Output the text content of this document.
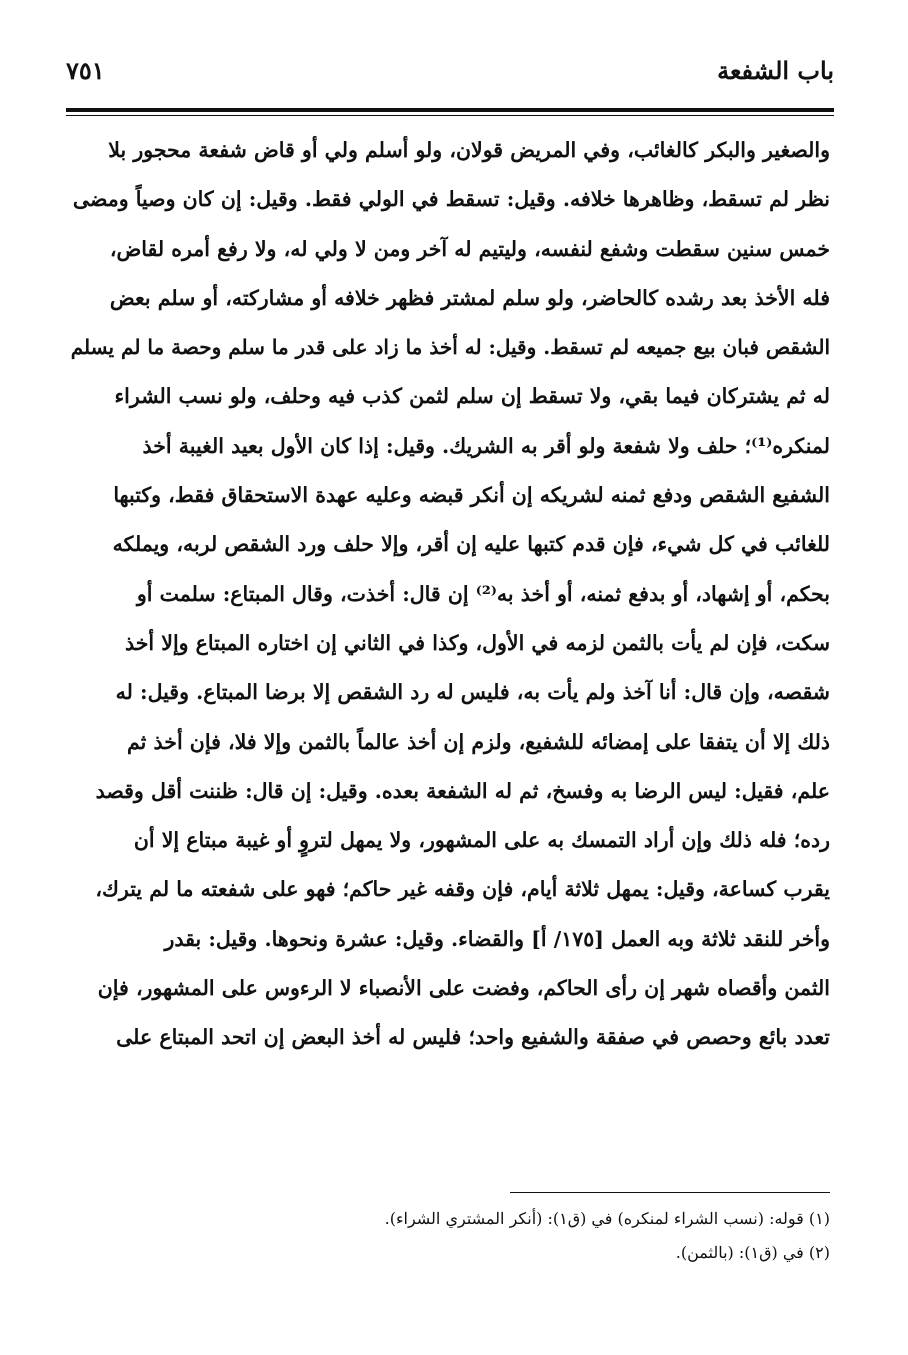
باب الشفعة
٧٥١
والصغير والبكر كالغائب، وفي المريض قولان، ولو أسلم ولي أو قاض شفعة محجور بلا
نظر لم تسقط، وظاهرها خلافه. وقيل: تسقط في الولي فقط. وقيل: إن كان وصياً ومضى
خمس سنين سقطت وشفع لنفسه، وليتيم له آخر ومن لا ولي له، ولا رفع أمره لقاض،
فله الأخذ بعد رشده كالحاضر، ولو سلم لمشتر فظهر خلافه أو مشاركته، أو سلم بعض
الشقص فبان بيع جميعه لم تسقط. وقيل: له أخذ ما زاد على قدر ما سلم وحصة ما لم يسلم
له ثم يشتركان فيما بقي، ولا تسقط إن سلم لثمن كذب فيه وحلف، ولو نسب الشراء
لمنكره⁽¹⁾؛ حلف ولا شفعة ولو أقر به الشريك. وقيل: إذا كان الأول بعيد الغيبة أخذ
الشفيع الشقص ودفع ثمنه لشريكه إن أنكر قبضه وعليه عهدة الاستحقاق فقط، وكتبها
للغائب في كل شيء، فإن قدم كتبها عليه إن أقر، وإلا حلف ورد الشقص لربه، ويملكه
بحكم، أو إشهاد، أو بدفع ثمنه، أو أخذ به⁽²⁾ إن قال: أخذت، وقال المبتاع: سلمت أو
سكت، فإن لم يأت بالثمن لزمه في الأول، وكذا في الثاني إن اختاره المبتاع وإلا أخذ
شقصه، وإن قال: أنا آخذ ولم يأت به، فليس له رد الشقص إلا برضا المبتاع. وقيل: له
ذلك إلا أن يتفقا على إمضائه للشفيع، ولزم إن أخذ عالماً بالثمن وإلا فلا، فإن أخذ ثم
علم، فقيل: ليس الرضا به وفسخ، ثم له الشفعة بعده. وقيل: إن قال: ظننت أقل وقصد
رده؛ فله ذلك وإن أراد التمسك به على المشهور، ولا يمهل لتروٍ أو غيبة مبتاع إلا أن
يقرب كساعة، وقيل: يمهل ثلاثة أيام، فإن وقفه غير حاكم؛ فهو على شفعته ما لم يترك،
وأخر للنقد ثلاثة وبه العمل [١٧٥/ أ] والقضاء. وقيل: عشرة ونحوها. وقيل: بقدر
الثمن وأقصاه شهر إن رأى الحاكم، وفضت على الأنصباء لا الرءوس على المشهور، فإن
تعدد بائع وحصص في صفقة والشفيع واحد؛ فليس له أخذ البعض إن اتحد المبتاع على
(١) قوله: (نسب الشراء لمنكره) في (ق١): (أنكر المشتري الشراء).
(٢) في (ق١): (بالثمن).
